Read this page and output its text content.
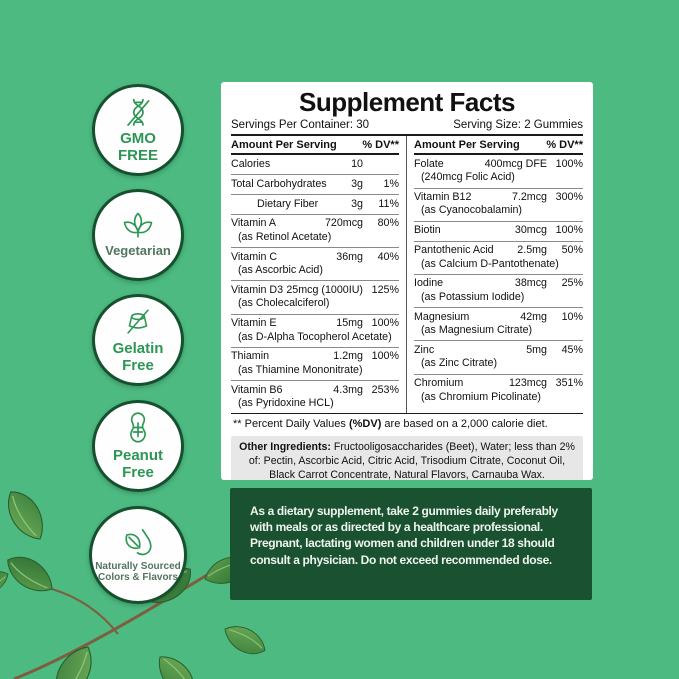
Supplement Facts
Servings Per Container: 30	Serving Size: 2 Gummies
Amount Per Serving % DV**
Calories	10
Total Carbohydrates 3g	1%
Dietary Fiber	3g	11%
Vitamin A	720mcg	80%
(as Retinol Acetate)
Vitamin C	36mg	40%
(as Ascorbic Acid)
Vitamin D3 25mcg (1000IU) 125%
(as Cholecalciferol)
Vitamin E	15mg 100%
(as D-Alpha Tocopherol Acetate)
Thiamin	1.2mg 100%
(as Thiamine Mononitrate)
Vitamin B6	4.3mg 253%
(as Pyridoxine HCL)
Amount Per Serving % DV**
Folate	400mcg DFE 100%
(240mcg Folic Acid)
Vitamin B12	7.2mcg 300%
(as Cyanocobalamin)
Biotin	30mcg 100%
Pantothenic Acid 2.5mg	50%
(as Calcium D-Pantothenate)
Iodine	38mcg	25%
(as Potassium Iodide)
Magnesium	42mg	10%
(as Magnesium Citrate)
Zinc	5mg	45%
(as Zinc Citrate)
Chromium	123mcg 351%
(as Chromium Picolinate)
** Percent Daily Values (%DV) are based on a 2,000 calorie diet.
Other Ingredients: Fructooligosaccharides (Beet), Water; less than 2% of: Pectin, Ascorbic Acid, Citric Acid, Trisodium Citrate, Coconut Oil, Black Carrot Concentrate, Natural Flavors, Carnauba Wax.
As a dietary supplement, take 2 gummies daily preferably with meals or as directed by a healthcare professional. Pregnant, lactating women and children under 18 should consult a physician. Do not exceed recommended dose.
GMO
FREE
Vegetarian
Gelatin
Free
Peanut
Free
Naturally Sourced
Colors & Flavors
